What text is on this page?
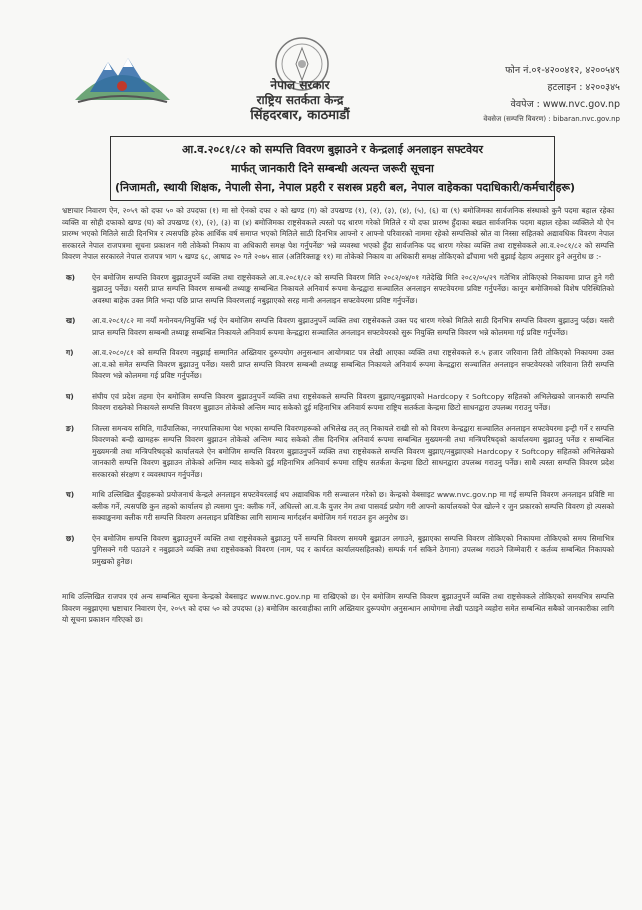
नेपाल सरकार
राष्ट्रिय सतर्कता केन्द्र
सिंहदरबार, काठमाडौं
फोन नं.०१-४२००४१२, ४२००५४९
हटलाइन : ४२००३४५
वेवपेज : www.nvc.gov.np
वेवसेज (सम्पत्ति विवरण) : bibaran.nvc.gov.np
आ.व.२०८१/८२ को सम्पत्ति विवरण बुझाउने र केन्द्रलाई अनलाइन सफ्टवेयर
मार्फत् जानकारी दिने सम्बन्धी अत्यन्त जरूरी सूचना
(निजामती, स्थायी शिक्षक, नेपाली सेना, नेपाल प्रहरी र सशस्त्र प्रहरी बल, नेपाल वाहेकका पदाधिकारी/कर्मचारीहरू)
भ्रष्टाचार निवारण ऐन, २०५९ को दफा ५० को उपदफा (१) मा सो ऐनको दफा २ को खण्ड (ग) को उपखण्ड (१), (२), (३), (४), (५), (६) वा (९) बमोजिमका सार्वजनिक संस्थाको कुनै पदमा बहाल रहेका व्यक्ति वा सोही दफाको खण्ड (घ) को उपखण्ड (१), (२), (३) वा (४) बमोजिमका राष्ट्रसेवकले त्यस्तो पद धारण गरेको मितिले र यो दफा प्रारम्भ हुँदाका बखत सार्वजनिक पदमा बहाल रहेका व्यक्तिले यो ऐन प्रारम्भ भएको मितिले साठी दिनभित्र र त्यसपछि हरेक आर्थिक वर्ष समाप्त भएको मितिले साठी दिनभित्र आफ्नो र आफ्नो परिवारको नाममा रहेको सम्पत्तिको स्रोत वा निस्सा सहितको अद्यावधिक विवरण नेपाल सरकारले नेपाल राजपत्रमा सूचना प्रकाशन गरी तोकेको निकाय वा अधिकारी समक्ष पेश गर्नुपर्नेछ' भन्ने व्यवस्था भएको हुँदा सार्वजनिक पद धारण गरेका व्यक्ति तथा राष्ट्रसेवकले आ.व.२०८१/८२ को सम्पत्ति विवरण नेपाल सरकारले नेपाल राजपत्र भाग ५ खण्ड ६८, आषाढ २० गते २०७५ साल (अतिरिक्ताङ्क ११) मा तोकेको निकाय वा अधिकारी समक्ष तोकिएको ढाँचामा भरी बुझाई देहाय अनुसार हुने अनुरोध छ :-
क) ऐन बमोजिम सम्पत्ति विवरण बुझाउनुपर्ने व्यक्ति तथा राष्ट्रसेवकले आ.व.२०८१/८२ को सम्पत्ति विवरण मिति २०८२/०४/०१ गतेदेखि मिति २०८२/०५/२९ गतेभित्र तोकिएको निकायमा प्राप्त हुने गरी बुझाउनु पर्नेछ। यसरी प्राप्त सम्पत्ति विवरण सम्बन्धी तथ्याङ्क सम्बन्धित निकायले अनिवार्य रूपमा केन्द्रद्वारा सञ्चालित अनलाइन सफ्टवेयरमा प्रविष्ट गर्नुपर्नेछ। कानून बमोजिमको विशेष परिस्थितिको अवस्था बाहेक उक्त मिति भन्दा पछि प्राप्त सम्पत्ति विवरणलाई नबुझाएको सरह मानी अनलाइन सफ्टवेयरमा प्रविष्ट गर्नुपर्नेछ।
ख) आ.व.२०८१/८२ मा नयाँ मनोनयन/नियुक्ति भई ऐन बमोजिम सम्पत्ति विवरण बुझाउनुपर्ने व्यक्ति तथा राष्ट्रसेवकले उक्त पद धारण गरेको मितिले साठी दिनभित्र सम्पत्ति विवरण बुझाउनु पर्दछ। यसरी प्राप्त सम्पत्ति विवरण सम्बन्धी तथ्याङ्क सम्बन्धित निकायले अनिवार्य रूपमा केन्द्रद्वारा सञ्चालित अनलाइन सफ्टवेयरको सुरू नियुक्ति सम्पत्ति विवरण भन्ने कोलममा गई प्रविष्ट गर्नुपर्नेछ।
ग) आ.व.२०८०/८१ को सम्पत्ति विवरण नबुझाई सम्मानित अख्तियार दुरूपयोग अनुसन्धान आयोगबाट पत्र लेखी आएका व्यक्ति तथा राष्ट्रसेवकले रु.५ हजार जरिवाना तिरी तोकिएको निकायमा उक्त आ.व.को समेत सम्पत्ति विवरण बुझाउनु पर्नेछ। यसरी प्राप्त सम्पत्ति विवरण सम्बन्धी तथ्याङ्क सम्बन्धित निकायले अनिवार्य रूपमा केन्द्रद्वारा सञ्चालित अनलाइन सफ्टवेयरको जरिवाना तिरी सम्पत्ति विवरण भन्ने कोलममा गई प्रविष्ट गर्नुपर्नेछ।
घ) संघीय एवं प्रदेश तहमा ऐन बमोजिम सम्पत्ति विवरण बुझाउनुपर्ने व्यक्ति तथा राष्ट्रसेवकले सम्पत्ति विवरण बुझाए/नबुझाएको Hardcopy र Softcopy सहितको अभिलेखको जानकारी सम्पत्ति विवरण राख्नेको निकायले सम्पत्ति विवरण बुझाउन तोकेको अन्तिम म्याद सकेको दुई महिनाभित्र अनिवार्य रूपमा राष्ट्रिय सतर्कता केन्द्रमा छिटो साधनद्वारा उपलब्ध गराउनु पर्नेछ।
ङ) जिल्ला समन्वय समिति, गाउँपालिका, नगरपालिकामा पेश भएका सम्पत्ति विवरणहरूको अभिलेख तत् तत् निकायले राखी सो को विवरण केन्द्रद्वारा सञ्चालित अनलाइन सफ्टवेयरमा इन्ट्री गर्ने र सम्पत्ति विवरणको बन्दी खामहरू सम्पत्ति विवरण बुझाउन तोकेको अन्तिम म्याद सकेको तीस दिनभित्र अनिवार्य रूपमा सम्बन्धित मुख्यमन्त्री तथा मन्त्रिपरिषद्को कार्यालयमा बुझाउनु पर्नेछ र सम्बन्धित मुख्यमन्त्री तथा मन्त्रिपरिषद्को कार्यालयले ऐन बमोजिम सम्पत्ति विवरण बुझाउनुपर्ने व्यक्ति तथा राष्ट्रसेवकले सम्पत्ति विवरण बुझाए/नबुझाएको Hardcopy र Softcopy सहितको अभिलेखको जानकारी सम्पत्ति विवरण बुझाउन तोकेको अन्तिम म्याद सकेको दुई महिनाभित्र अनिवार्य रूपमा राष्ट्रिय सतर्कता केन्द्रमा छिटो साधनद्वारा उपलब्ध गराउनु पर्नेछ। साथै त्यस्ता सम्पत्ति विवरण प्रदेश सरकारको संरक्षण र व्यवस्थापन गर्नुपर्नेछ।
च) माथि उल्लिखित बुँदाहरूको प्रयोजनार्थ केन्द्रले अनलाइन सफ्टवेयरलाई थप अद्यावधिक गरी सञ्चालन गरेको छ। केन्द्रको वेबसाइट www.nvc.gov.np मा गई सम्पत्ति विवरण अनलाइन प्रविष्टि मा क्लीक गर्ने, त्यसपछि कुन तहको कार्यालय हो त्यसमा पुन: क्लीक गर्ने, अधिल्लो आ.व.कै युजर नेम तथा पासवर्ड प्रयोग गरी आफ्नो कार्यालयको पेज खोल्ने र जुन प्रकारको सम्पत्ति विवरण हो त्यसको सक्वाङ्कनमा क्लीक गरी सम्पत्ति विवरण अनलाइन प्रविष्टिका लागि सामान्य मार्गदर्शन बमोजिम गर्न गराउन हुन अनुरोध छ।
छ) ऐन बमोजिम सम्पत्ति विवरण बुझाउनुपर्ने व्यक्ति तथा राष्ट्रसेवकले बुझाउनु पर्ने सम्पत्ति विवरण समयमै बुझाउन लगाउने, बुझाएका सम्पत्ति विवरण तोकिएको निकायमा तोकिएको समय सिमाभित्र पुगिसक्ने गरी पठाउने र नबुझाउने व्यक्ति तथा राष्ट्रसेवकको विवरण (नाम, पद र कार्यरत कार्यालयसहितको) सम्पर्क गर्न सकिने ठेगाना) उपलब्ध गराउने जिम्मेवारी र कर्तव्य सम्बन्धित निकायको प्रमुखको हुनेछ।
माथि उल्लिखित राजपत्र एवं अन्य सम्बन्धित सूचना केन्द्रको वेबसाइट www.nvc.gov.np मा राखिएको छ। ऐन बमोजिम सम्पत्ति विवरण बुझाउनुपर्ने व्यक्ति तथा राष्ट्रसेवकले तोकिएको समयभित्र सम्पत्ति विवरण नबुझाएमा भ्रष्टाचार निवारण ऐन, २०५९ को दफा ५० को उपदफा (३) बमोजिम कारवाहीका लागि अख्तियार दुरूपयोग अनुसन्धान आयोगमा लेखी पठाइने व्यहोरा समेत सम्बन्धित सबैको जानकारीका लागि यो सूचना प्रकाशन गरिएको छ।
